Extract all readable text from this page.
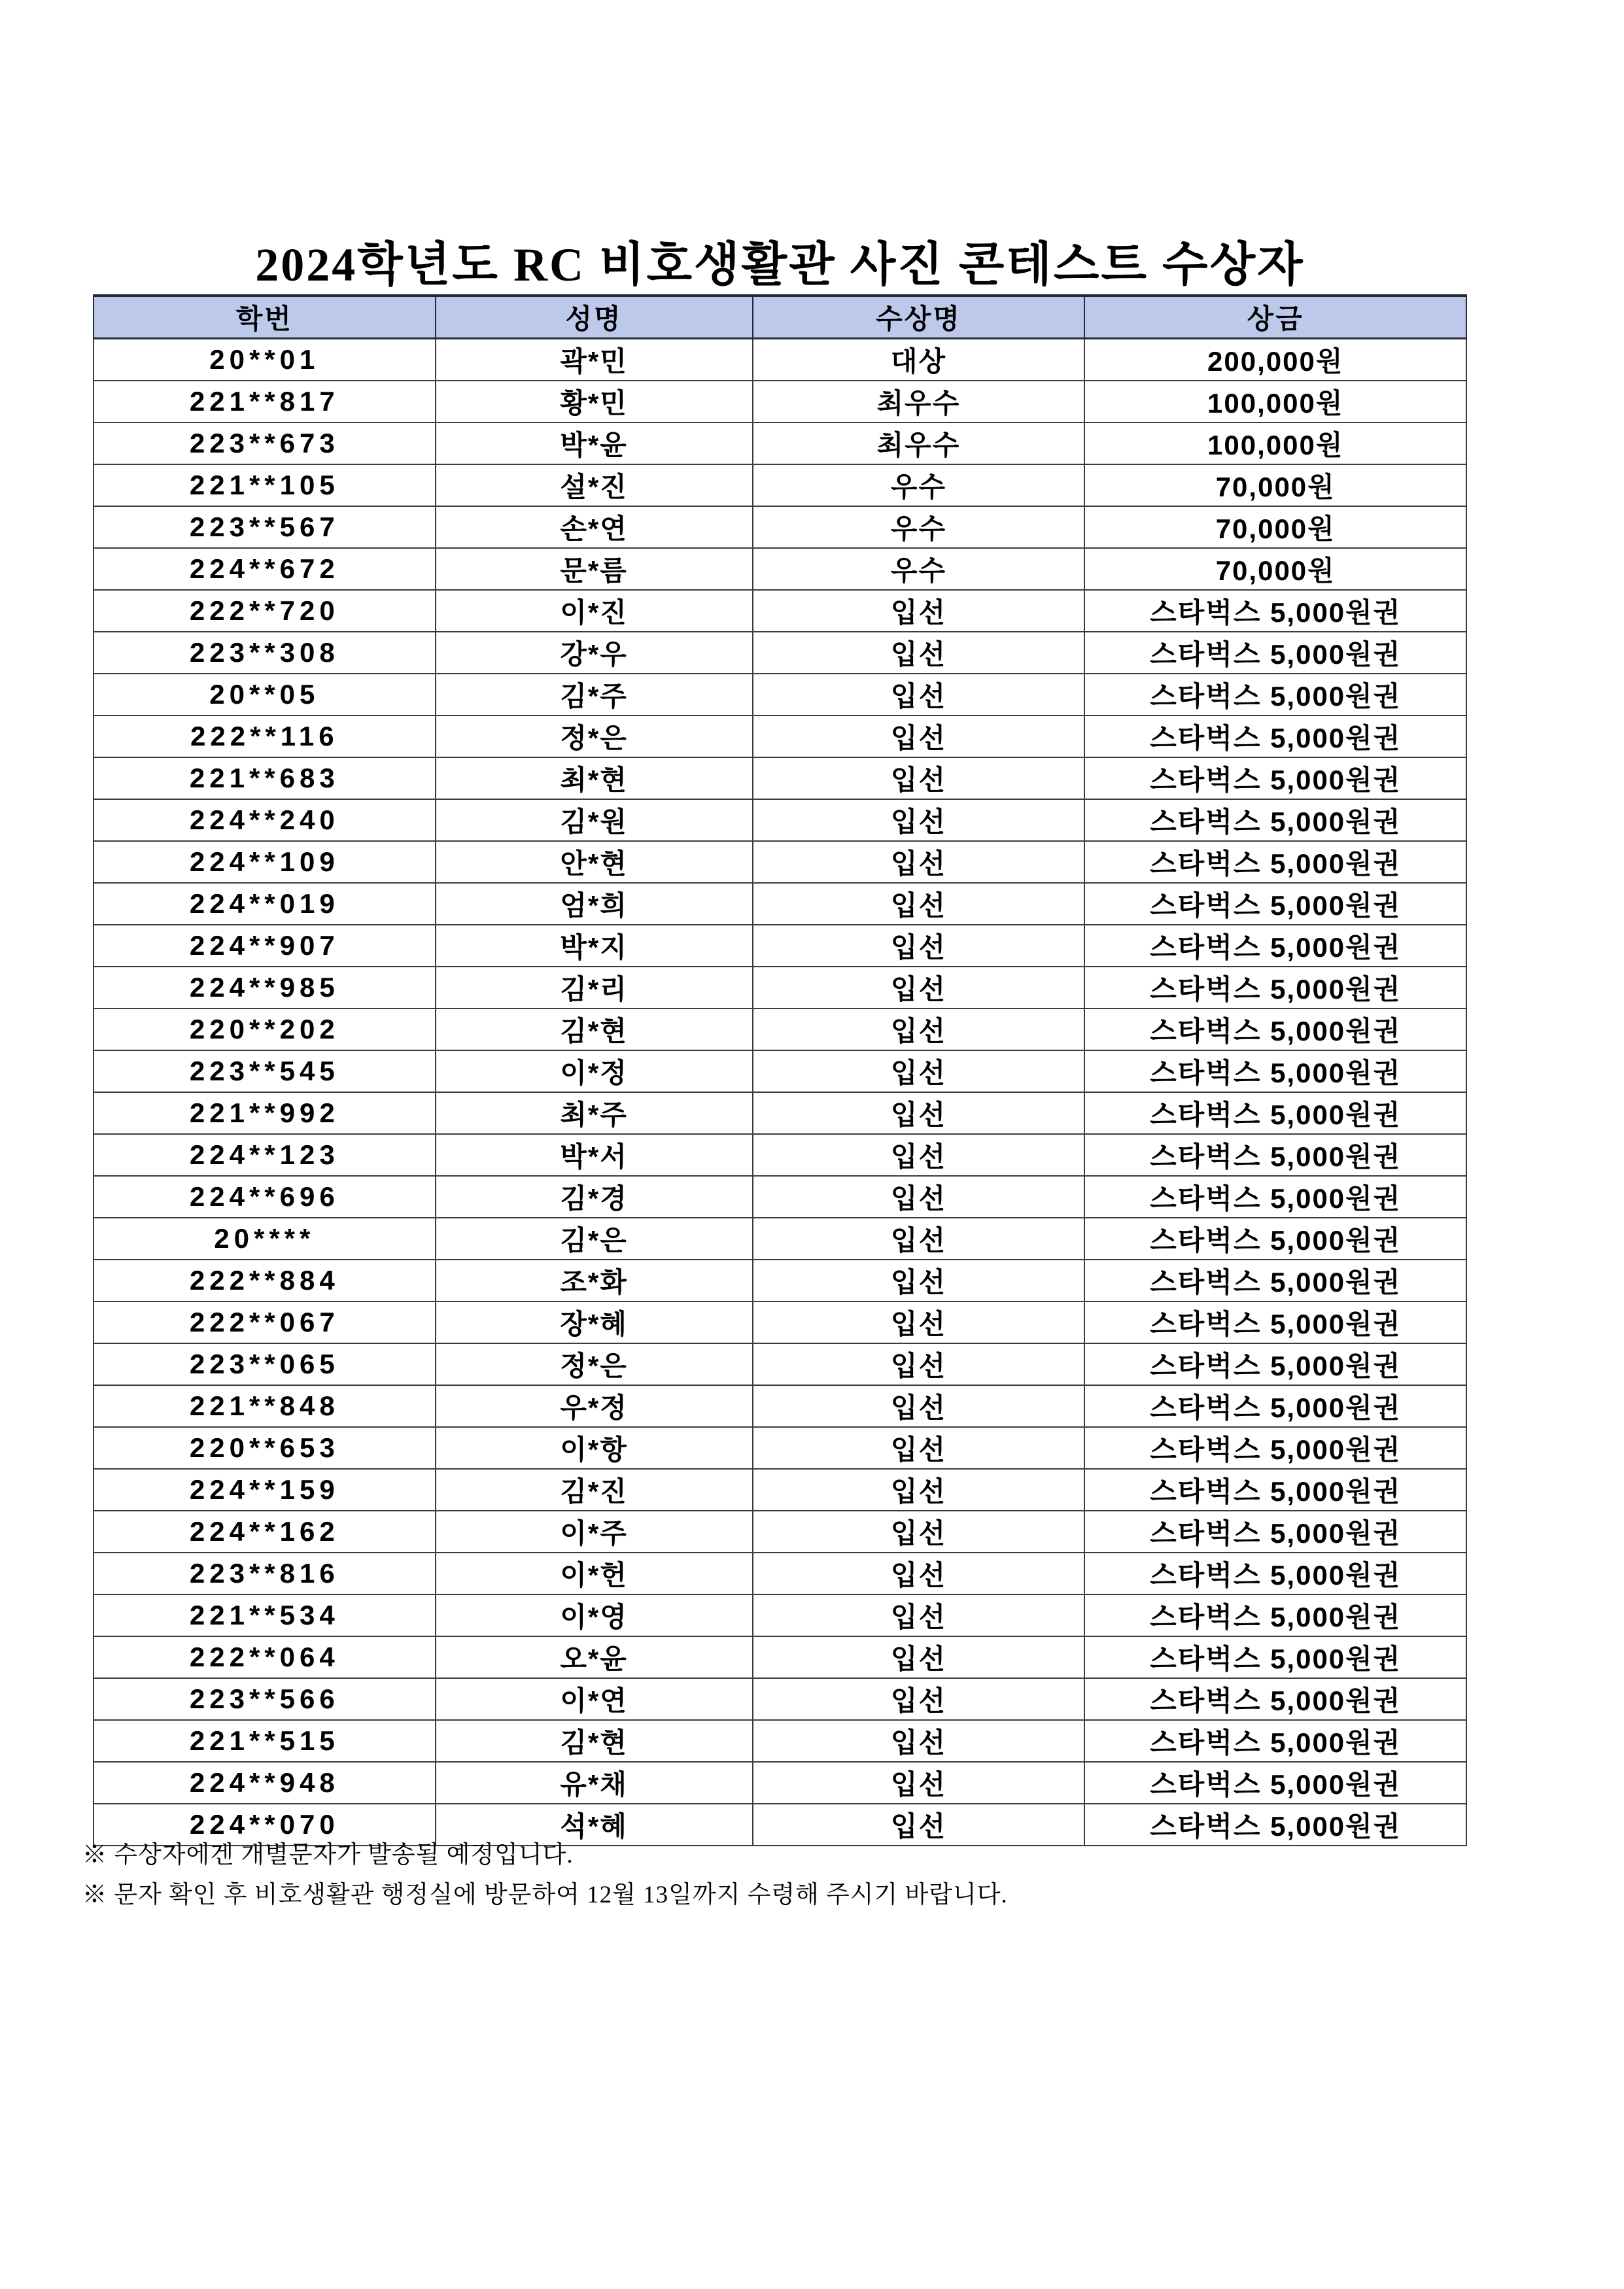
2024학년도 RC 비호생활관 사진 콘테스트 수상자
학번	성명	수상명	상금
20**01	곽*민	대상	200,000원
221**817	황*민	최우수	100,000원
223**673	박*윤	최우수	100,000원
221**105	설*진	우수	70,000원
223**567	손*연	우수	70,000원
224**672	문*름	우수	70,000원
222**720	이*진	입선	스타벅스 5,000원권
223**308	강*우	입선	스타벅스 5,000원권
20**05	김*주	입선	스타벅스 5,000원권
222**116	정*은	입선	스타벅스 5,000원권
221**683	최*현	입선	스타벅스 5,000원권
224**240	김*원	입선	스타벅스 5,000원권
224**109	안*현	입선	스타벅스 5,000원권
224**019	엄*희	입선	스타벅스 5,000원권
224**907	박*지	입선	스타벅스 5,000원권
224**985	김*리	입선	스타벅스 5,000원권
220**202	김*현	입선	스타벅스 5,000원권
223**545	이*정	입선	스타벅스 5,000원권
221**992	최*주	입선	스타벅스 5,000원권
224**123	박*서	입선	스타벅스 5,000원권
224**696	김*경	입선	스타벅스 5,000원권
20****	김*은	입선	스타벅스 5,000원권
222**884	조*화	입선	스타벅스 5,000원권
222**067	장*혜	입선	스타벅스 5,000원권
223**065	정*은	입선	스타벅스 5,000원권
221**848	우*정	입선	스타벅스 5,000원권
220**653	이*항	입선	스타벅스 5,000원권
224**159	김*진	입선	스타벅스 5,000원권
224**162	이*주	입선	스타벅스 5,000원권
223**816	이*헌	입선	스타벅스 5,000원권
221**534	이*영	입선	스타벅스 5,000원권
222**064	오*윤	입선	스타벅스 5,000원권
223**566	이*연	입선	스타벅스 5,000원권
221**515	김*현	입선	스타벅스 5,000원권
224**948	유*채	입선	스타벅스 5,000원권
224**070	석*혜	입선	스타벅스 5,000원권
※ 수상자에겐 개별문자가 발송될 예정입니다.
※ 문자 확인 후 비호생활관 행정실에 방문하여 12월 13일까지 수령해 주시기 바랍니다.
